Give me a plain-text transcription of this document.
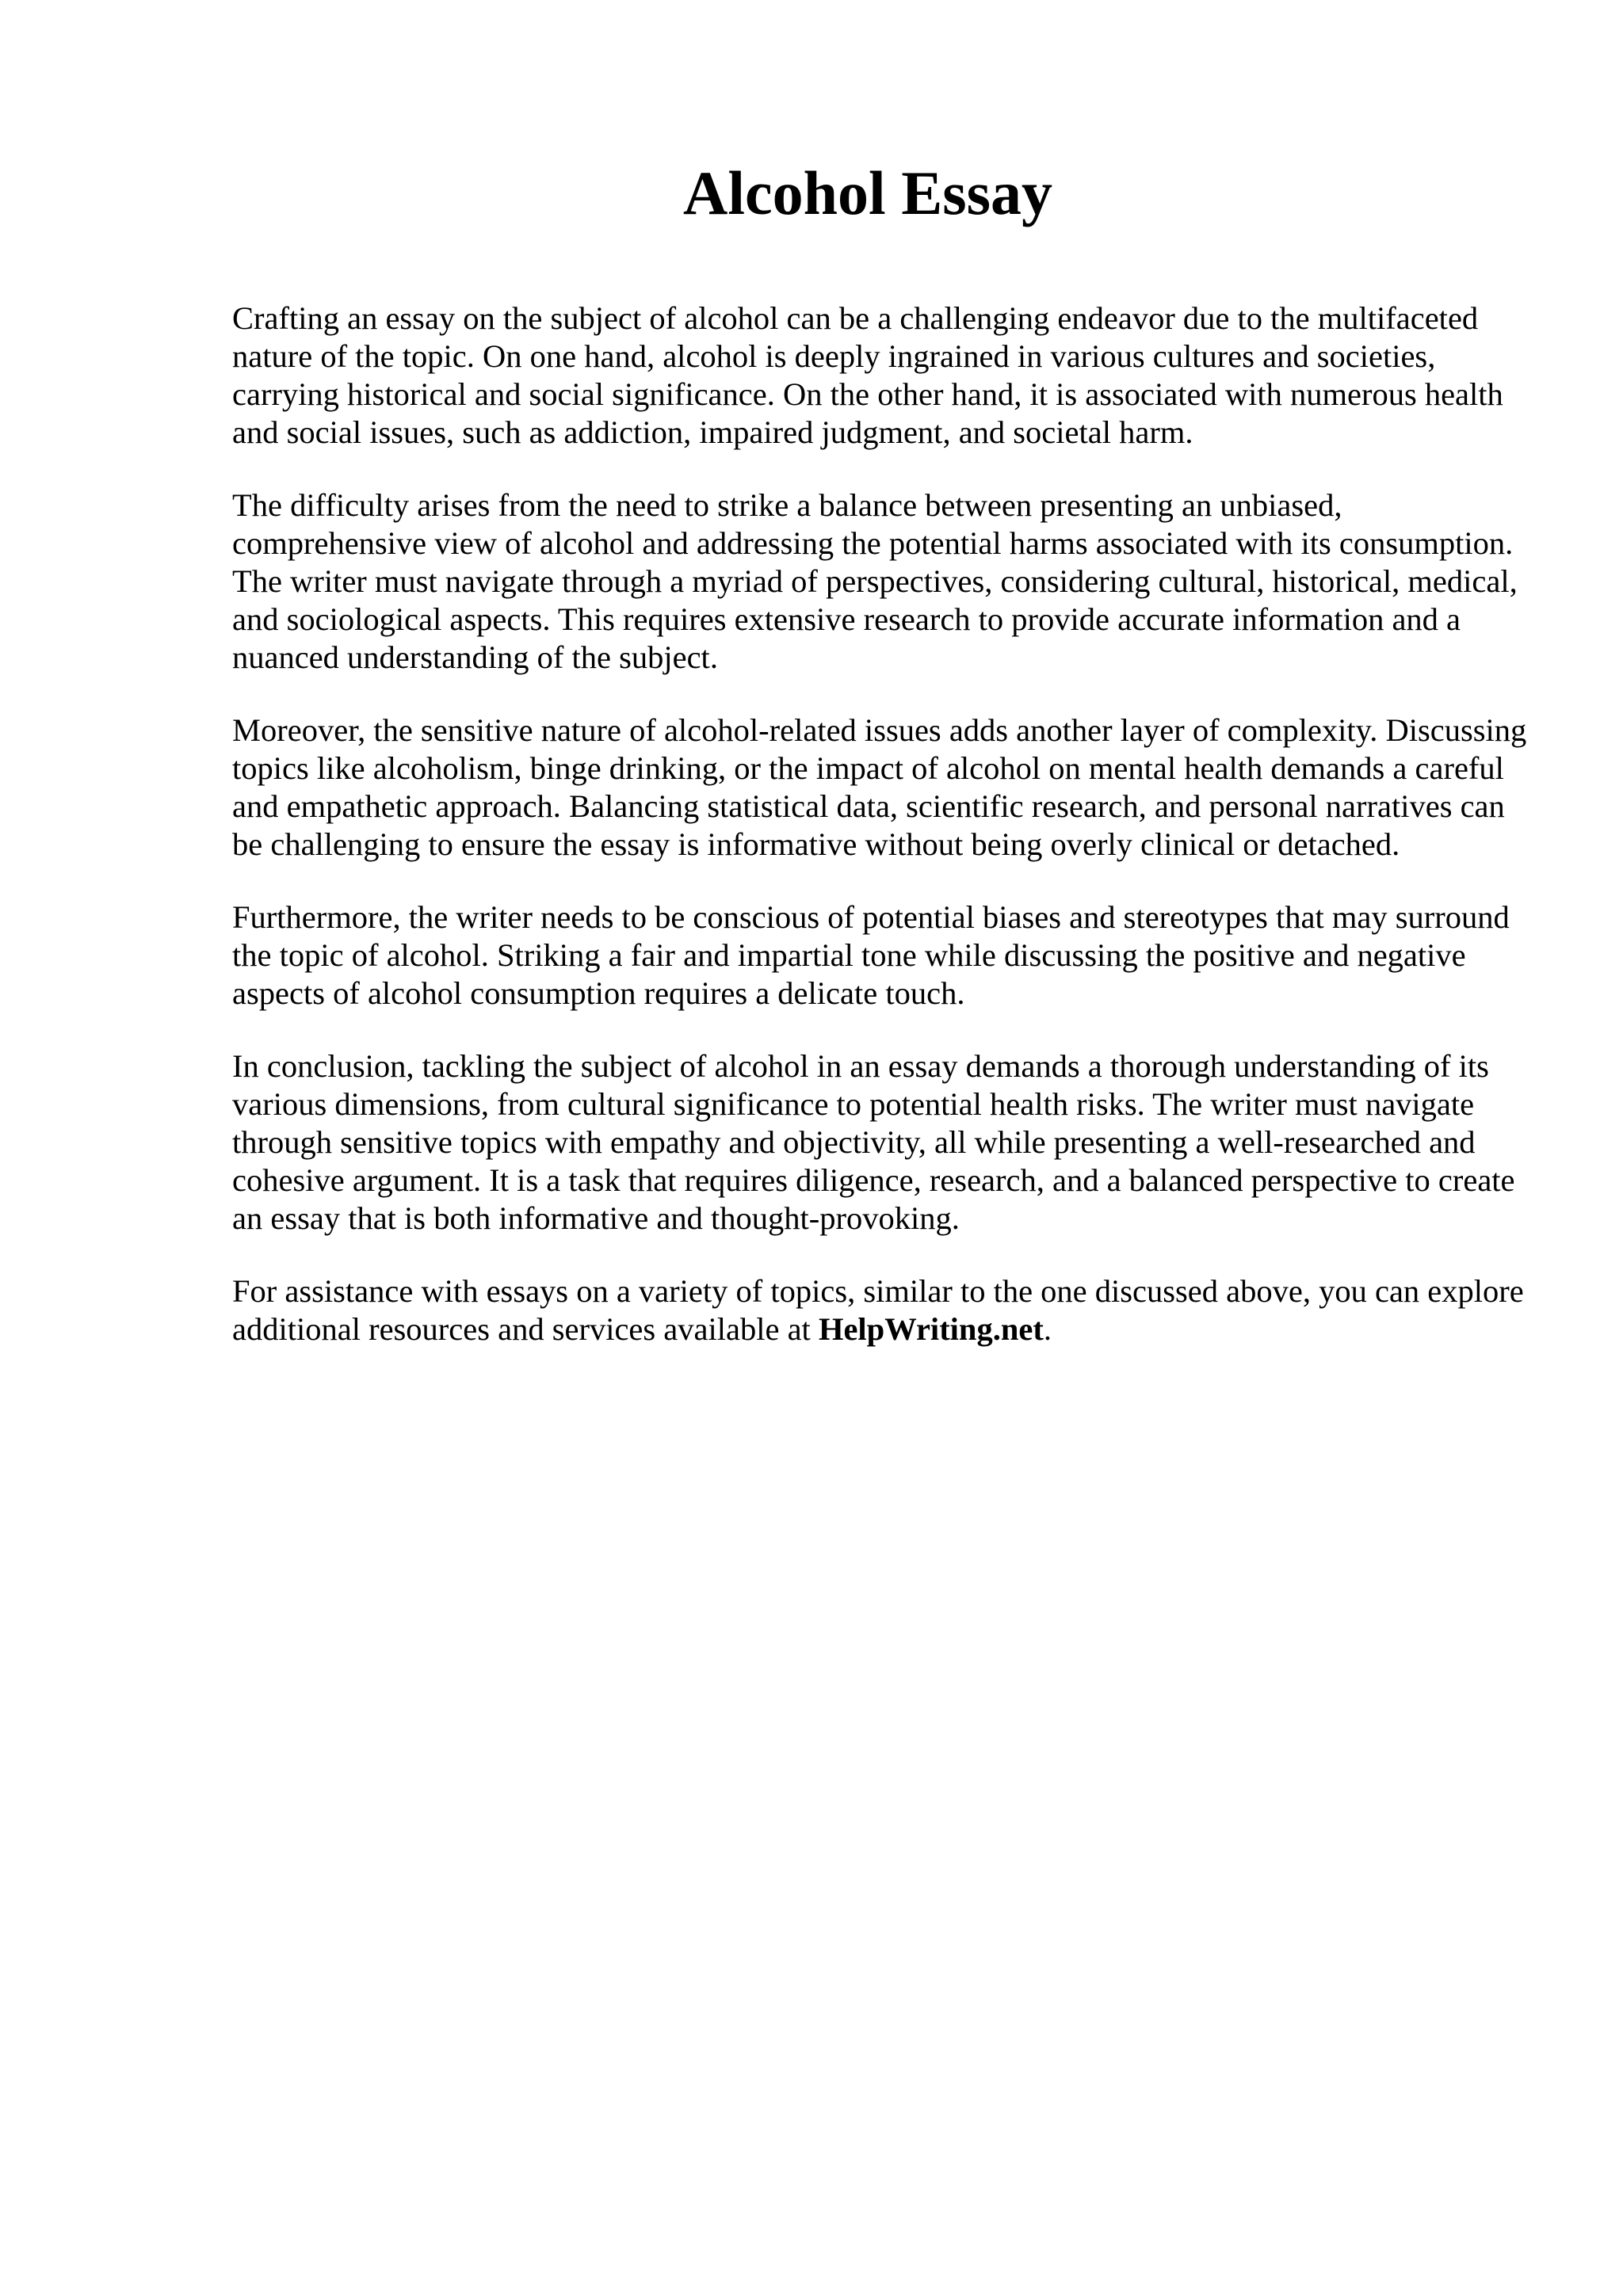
Alcohol Essay

Crafting an essay on the subject of alcohol can be a challenging endeavor due to the multifaceted nature of the topic. On one hand, alcohol is deeply ingrained in various cultures and societies, carrying historical and social significance. On the other hand, it is associated with numerous health and social issues, such as addiction, impaired judgment, and societal harm.

The difficulty arises from the need to strike a balance between presenting an unbiased, comprehensive view of alcohol and addressing the potential harms associated with its consumption. The writer must navigate through a myriad of perspectives, considering cultural, historical, medical, and sociological aspects. This requires extensive research to provide accurate information and a nuanced understanding of the subject.

Moreover, the sensitive nature of alcohol-related issues adds another layer of complexity. Discussing topics like alcoholism, binge drinking, or the impact of alcohol on mental health demands a careful and empathetic approach. Balancing statistical data, scientific research, and personal narratives can be challenging to ensure the essay is informative without being overly clinical or detached.

Furthermore, the writer needs to be conscious of potential biases and stereotypes that may surround the topic of alcohol. Striking a fair and impartial tone while discussing the positive and negative aspects of alcohol consumption requires a delicate touch.

In conclusion, tackling the subject of alcohol in an essay demands a thorough understanding of its various dimensions, from cultural significance to potential health risks. The writer must navigate through sensitive topics with empathy and objectivity, all while presenting a well-researched and cohesive argument. It is a task that requires diligence, research, and a balanced perspective to create an essay that is both informative and thought-provoking.

For assistance with essays on a variety of topics, similar to the one discussed above, you can explore additional resources and services available at HelpWriting.net.
